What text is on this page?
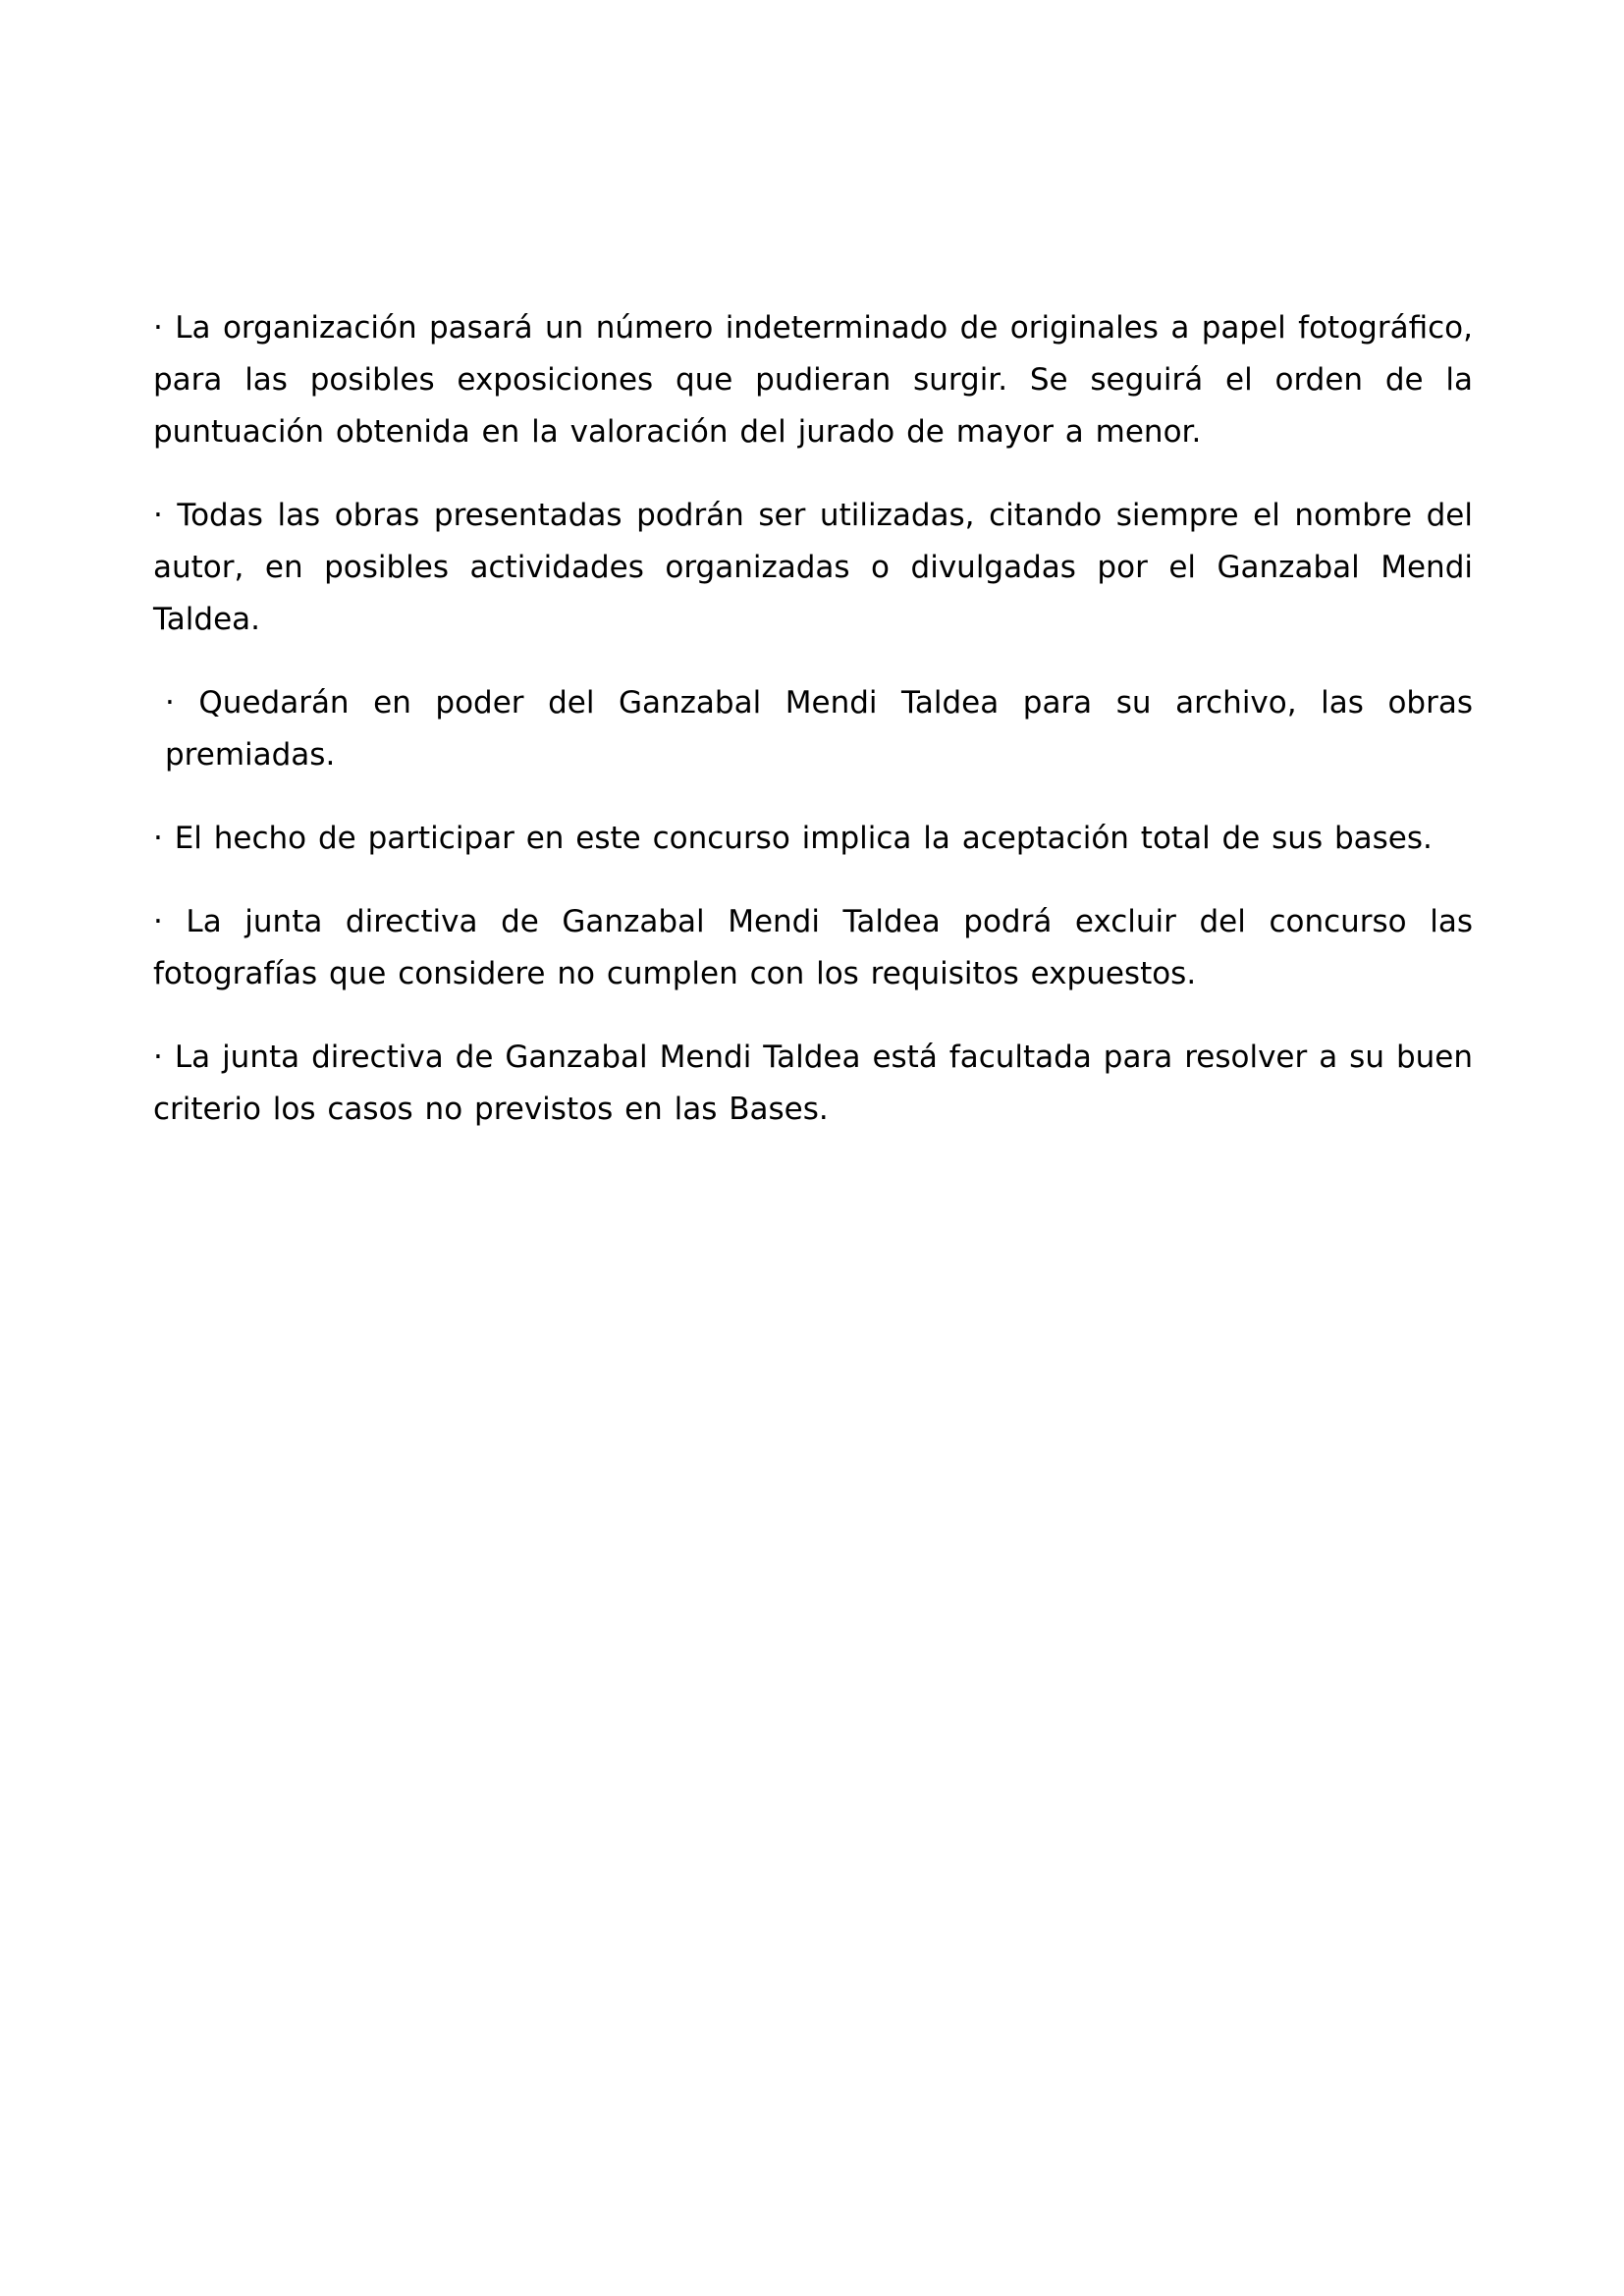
· La organización pasará un número indeterminado de originales a papel fotográfico, para las posibles exposiciones que pudieran surgir. Se seguirá el orden de la puntuación obtenida en la valoración del jurado de mayor a menor.

· Todas las obras presentadas podrán ser utilizadas, citando siempre el nombre del autor, en posibles actividades organizadas o divulgadas por el Ganzabal Mendi Taldea.

· Quedarán en poder del Ganzabal Mendi Taldea para su archivo, las obras premiadas.

· El hecho de participar en este concurso implica la aceptación total de sus bases.

· La junta directiva de Ganzabal Mendi Taldea podrá excluir del concurso las fotografías que considere no cumplen con los requisitos expuestos.

· La junta directiva de Ganzabal Mendi Taldea está facultada para resolver a su buen criterio los casos no previstos en las Bases.
